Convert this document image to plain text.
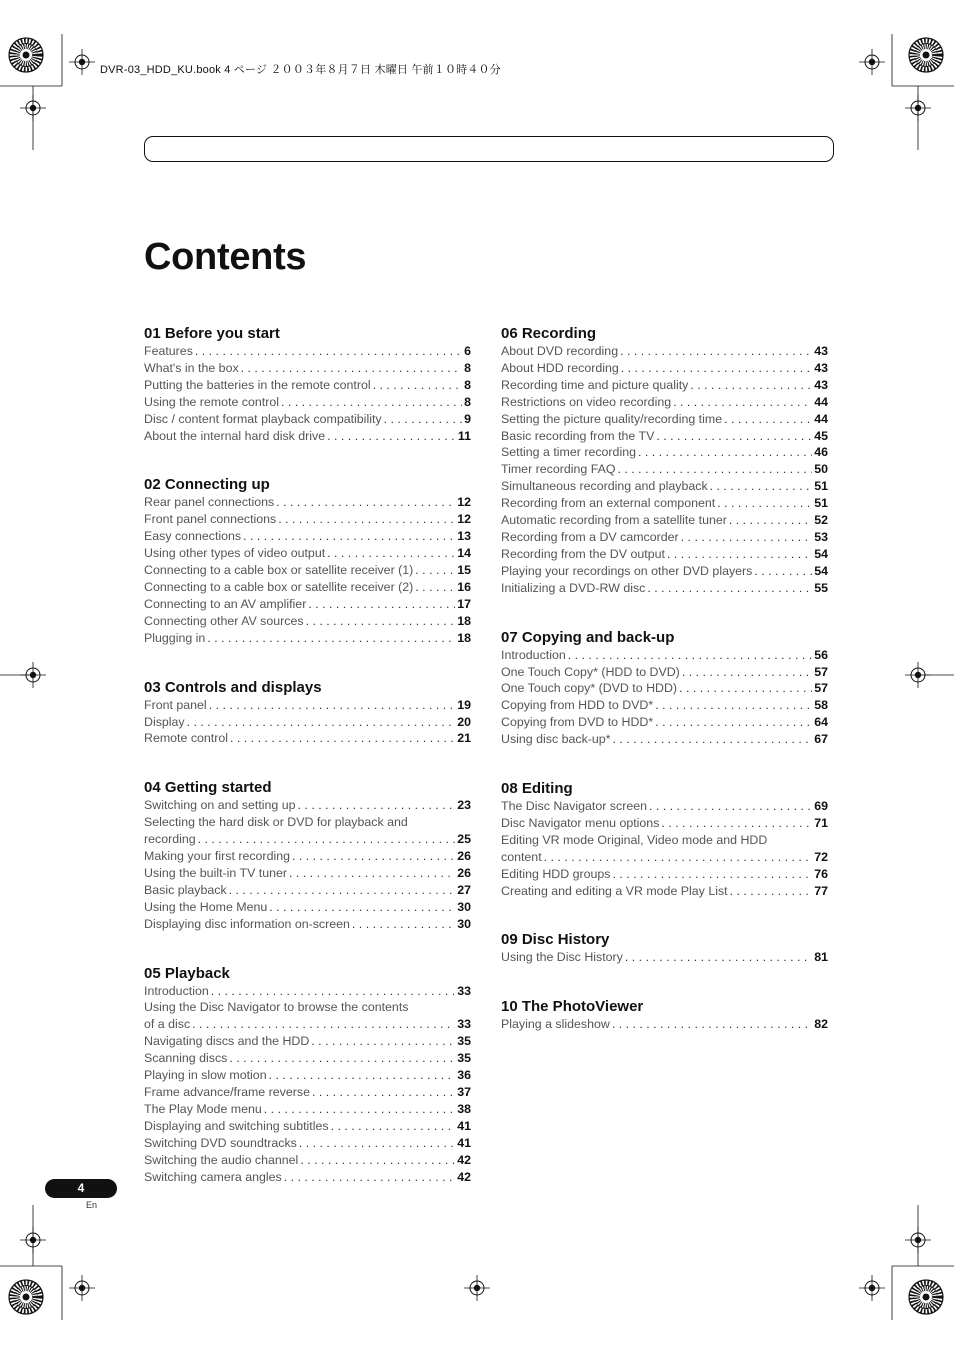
DVR-03_HDD_KU.book 4 ページ ２００３年８月７日 木曜日 午前１０時４０分
Contents
01 Before you start
Features . . .	6
What's in the box . . .	8
Putting the batteries in the remote control . . .	8
Using the remote control . . .	8
Disc / content format playback compatibility . . .	9
About the internal hard disk drive . . .	11
02 Connecting up
Rear panel connections . . .	12
Front panel connections . . .	12
Easy connections . . .	13
Using other types of video output . . .	14
Connecting to a cable box or satellite receiver (1) . . .	15
Connecting to a cable box or satellite receiver (2) . . .	16
Connecting to an AV amplifier . . .	17
Connecting other AV sources . . .	18
Plugging in . . .	18
03 Controls and displays
Front panel . . .	19
Display . . .	20
Remote control . . .	21
04 Getting started
Switching on and setting up . . .	23
Selecting the hard disk or DVD for playback and
recording . . .	25
Making your first recording . . .	26
Using the built-in TV tuner . . .	26
Basic playback . . .	27
Using the Home Menu . . .	30
Displaying disc information on-screen . . .	30
05 Playback
Introduction . . .	33
Using the Disc Navigator to browse the contents
of a disc . . .	33
Navigating discs and the HDD . . .	35
Scanning discs . . .	35
Playing in slow motion . . .	36
Frame advance/frame reverse . . .	37
The Play Mode menu . . .	38
Displaying and switching subtitles . . .	41
Switching DVD soundtracks . . .	41
Switching the audio channel . . .	42
Switching camera angles . . .	42
06 Recording
About DVD recording . . .	43
About HDD recording . . .	43
Recording time and picture quality . . .	43
Restrictions on video recording . . .	44
Setting the picture quality/recording time . . .	44
Basic recording from the TV . . .	45
Setting a timer recording . . .	46
Timer recording FAQ . . .	50
Simultaneous recording and playback . . .	51
Recording from an external component . . .	51
Automatic recording from a satellite tuner . . .	52
Recording from a DV camcorder . . .	53
Recording from the DV output . . .	54
Playing your recordings on other DVD players . . .	54
Initializing a DVD-RW disc . . .	55
07 Copying and back-up
Introduction . . .	56
One Touch Copy* (HDD to DVD) . . .	57
One Touch copy* (DVD to HDD) . . .	57
Copying from HDD to DVD* . . .	58
Copying from DVD to HDD* . . .	64
Using disc back-up* . . .	67
08 Editing
The Disc Navigator screen . . .	69
Disc Navigator menu options . . .	71
Editing VR mode Original, Video mode and HDD
content . . .	72
Editing HDD groups . . .	76
Creating and editing a VR mode Play List . . .	77
09 Disc History
Using the Disc History . . .	81
10 The PhotoViewer
Playing a slideshow . . .	82
4
En
